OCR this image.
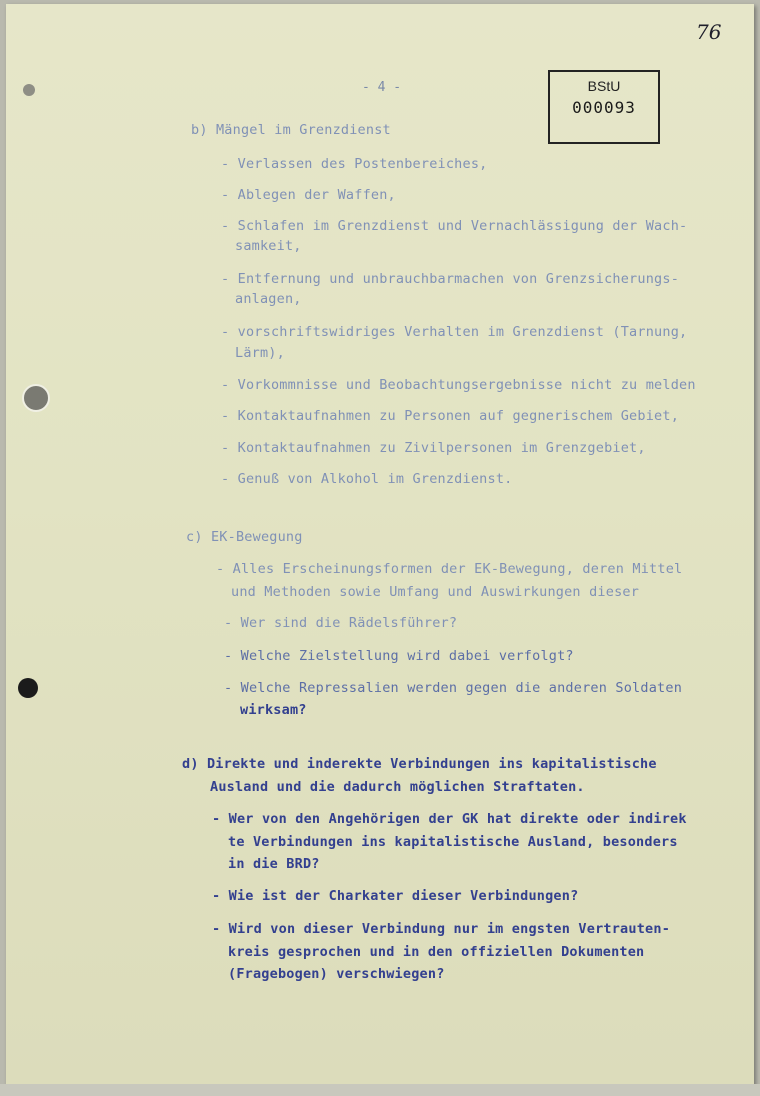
76
- 4 -	BStU
000093
b) Mängel im Grenzdienst
- Verlassen des Postenbereiches,
- Ablegen der Waffen,
- Schlafen im Grenzdienst und Vernachlässigung der Wach-
samkeit,
- Entfernung und unbrauchbarmachen von Grenzsicherungs-
anlagen,
- vorschriftswidriges Verhalten im Grenzdienst (Tarnung,
Lärm),
- Vorkommnisse und Beobachtungsergebnisse nicht zu melden
- Kontaktaufnahmen zu Personen auf gegnerischem Gebiet,
- Kontaktaufnahmen zu Zivilpersonen im Grenzgebiet,
- Genuß von Alkohol im Grenzdienst.
c) EK-Bewegung
- Alles Erscheinungsformen der EK-Bewegung, deren Mittel
und Methoden sowie Umfang und Auswirkungen dieser
- Wer sind die Rädelsführer?
- Welche Zielstellung wird dabei verfolgt?
- Welche Repressalien werden gegen die anderen Soldaten
wirksam?
d) Direkte und inderekte Verbindungen ins kapitalistische
Ausland und die dadurch möglichen Straftaten.
- Wer von den Angehörigen der GK hat direkte oder indirek
te Verbindungen ins kapitalistische Ausland, besonders
in die BRD?
- Wie ist der Charkater dieser Verbindungen?
- Wird von dieser Verbindung nur im engsten Vertrauten-
kreis gesprochen und in den offiziellen Dokumenten
(Fragebogen) verschwiegen?
